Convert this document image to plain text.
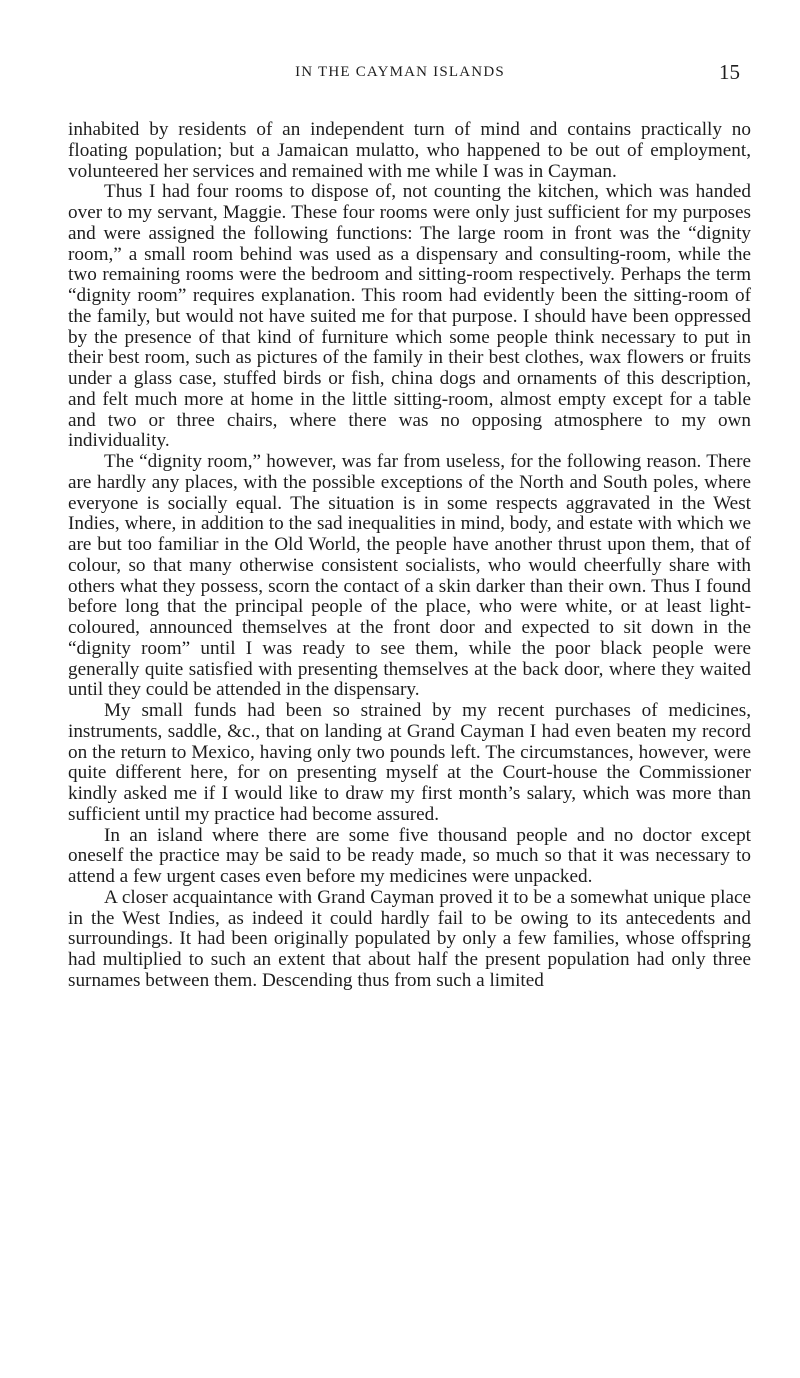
IN THE CAYMAN ISLANDS	15

inhabited by residents of an independent turn of mind and contains practically no floating population; but a Jamaican mulatto, who happened to be out of employment, volunteered her services and remained with me while I was in Cayman.

Thus I had four rooms to dispose of, not counting the kitchen, which was handed over to my servant, Maggie. These four rooms were only just sufficient for my purposes and were assigned the following functions: The large room in front was the “dignity room,” a small room behind was used as a dispensary and consulting-room, while the two remaining rooms were the bedroom and sitting-room respectively. Perhaps the term “dignity room” requires explanation. This room had evidently been the sitting-room of the family, but would not have suited me for that purpose. I should have been oppressed by the presence of that kind of furniture which some people think necessary to put in their best room, such as pictures of the family in their best clothes, wax flowers or fruits under a glass case, stuffed birds or fish, china dogs and ornaments of this description, and felt much more at home in the little sitting-room, almost empty except for a table and two or three chairs, where there was no opposing atmosphere to my own individuality.

The “dignity room,” however, was far from useless, for the following reason. There are hardly any places, with the possible exceptions of the North and South poles, where everyone is socially equal. The situation is in some respects aggravated in the West Indies, where, in addition to the sad inequalities in mind, body, and estate with which we are but too familiar in the Old World, the people have another thrust upon them, that of colour, so that many otherwise consistent socialists, who would cheerfully share with others what they possess, scorn the contact of a skin darker than their own. Thus I found before long that the principal people of the place, who were white, or at least light-coloured, announced themselves at the front door and expected to sit down in the “dignity room” until I was ready to see them, while the poor black people were generally quite satisfied with presenting themselves at the back door, where they waited until they could be attended in the dispensary.

My small funds had been so strained by my recent purchases of medicines, instruments, saddle, &c., that on landing at Grand Cayman I had even beaten my record on the return to Mexico, having only two pounds left. The circumstances, however, were quite different here, for on presenting myself at the Court-house the Commissioner kindly asked me if I would like to draw my first month’s salary, which was more than sufficient until my practice had become assured.

In an island where there are some five thousand people and no doctor except oneself the practice may be said to be ready made, so much so that it was necessary to attend a few urgent cases even before my medicines were unpacked.

A closer acquaintance with Grand Cayman proved it to be a somewhat unique place in the West Indies, as indeed it could hardly fail to be owing to its antecedents and surroundings. It had been originally populated by only a few families, whose offspring had multiplied to such an extent that about half the present population had only three surnames between them. Descending thus from such a limited
